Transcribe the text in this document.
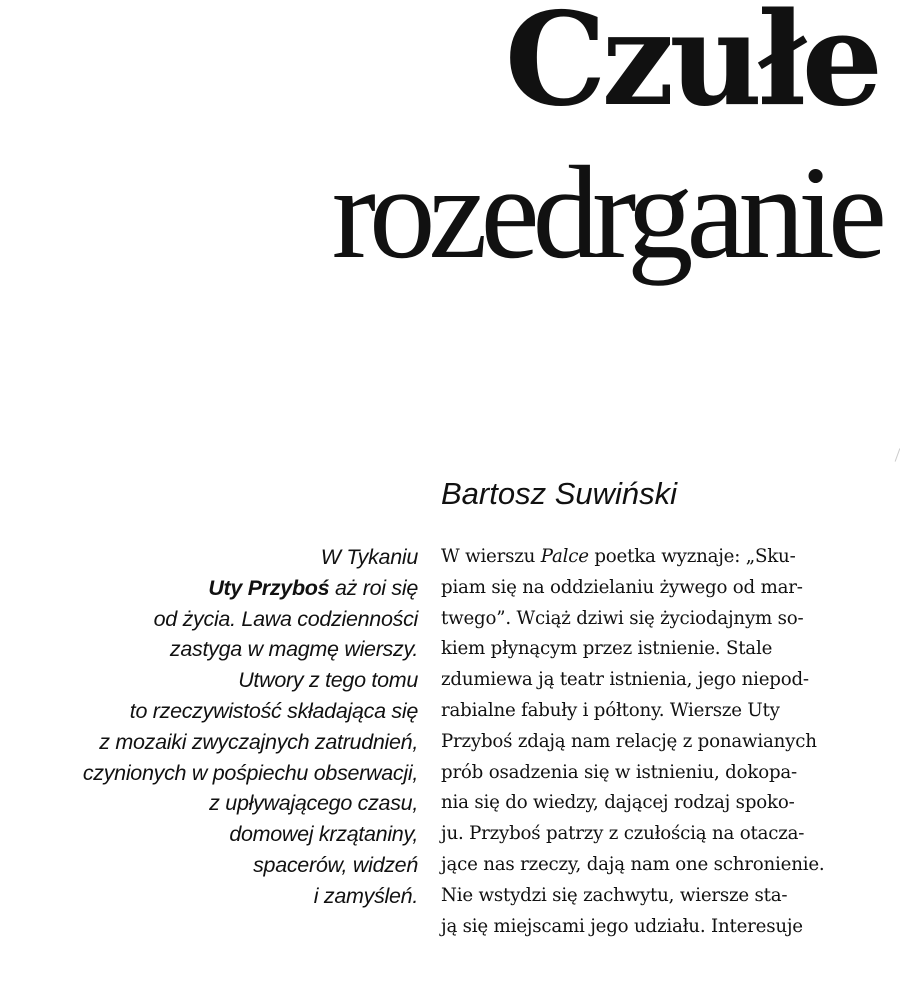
Czułe
rozedrganie

Bartosz Suwiński

W Tykaniu
Uty Przyboś aż roi się
od życia. Lawa codzienności
zastyga w magmę wierszy.
Utwory z tego tomu
to rzeczywistość składająca się
z mozaiki zwyczajnych zatrudnień,
czynionych w pośpiechu obserwacji,
z upływającego czasu,
domowej krzątaniny,
spacerów, widzeń
i zamyśleń.

W wierszu Palce poetka wyznaje: „Sku-
piam się na oddzielaniu żywego od mar-
twego”. Wciąż dziwi się życiodajnym so-
kiem płynącym przez istnienie. Stale
zdumiewa ją teatr istnienia, jego niepod-
rabialne fabuły i półtony. Wiersze Uty
Przyboś zdają nam relację z ponawianych
prób osadzenia się w istnieniu, dokopa-
nia się do wiedzy, dającej rodzaj spoko-
ju. Przyboś patrzy z czułością na otacza-
jące nas rzeczy, dają nam one schronienie.
Nie wstydzi się zachwytu, wiersze sta-
ją się miejscami jego udziału. Interesuje
